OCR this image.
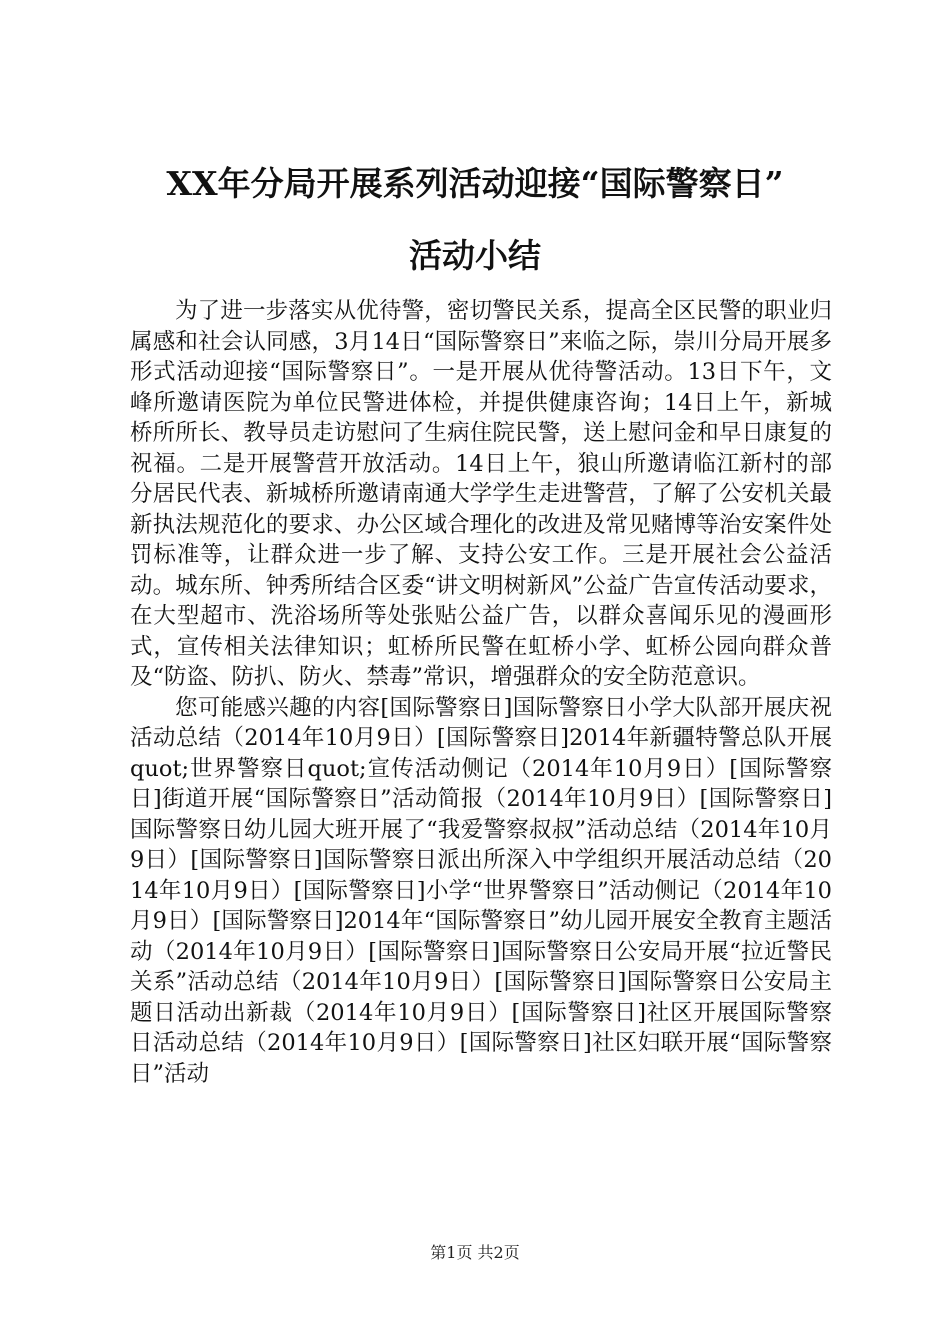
XX年分局开展系列活动迎接“国际警察日”
活动小结

为了进一步落实从优待警，密切警民关系，提高全区民警的职业归属感和社会认同感，3月14日“国际警察日”来临之际，崇川分局开展多形式活动迎接“国际警察日”。一是开展从优待警活动。13日下午，文峰所邀请医院为单位民警进体检，并提供健康咨询；14日上午，新城桥所所长、教导员走访慰问了生病住院民警，送上慰问金和早日康复的祝福。二是开展警营开放活动。14日上午，狼山所邀请临江新村的部分居民代表、新城桥所邀请南通大学学生走进警营，了解了公安机关最新执法规范化的要求、办公区域合理化的改进及常见赌博等治安案件处罚标准等，让群众进一步了解、支持公安工作。三是开展社会公益活动。城东所、钟秀所结合区委“讲文明树新风”公益广告宣传活动要求，在大型超市、洗浴场所等处张贴公益广告，以群众喜闻乐见的漫画形式，宣传相关法律知识；虹桥所民警在虹桥小学、虹桥公园向群众普及“防盗、防扒、防火、禁毒”常识，增强群众的安全防范意识。

您可能感兴趣的内容[国际警察日]国际警察日小学大队部开展庆祝活动总结（2014年10月9日）[国际警察日]2014年新疆特警总队开展quot;世界警察日quot;宣传活动侧记（2014年10月9日）[国际警察日]街道开展“国际警察日”活动简报（2014年10月9日）[国际警察日]国际警察日幼儿园大班开展了“我爱警察叔叔”活动总结（2014年10月9日）[国际警察日]国际警察日派出所深入中学组织开展活动总结（2014年10月9日）[国际警察日]小学“世界警察日”活动侧记（2014年10月9日）[国际警察日]2014年“国际警察日”幼儿园开展安全教育主题活动（2014年10月9日）[国际警察日]国际警察日公安局开展“拉近警民关系”活动总结（2014年10月9日）[国际警察日]国际警察日公安局主题日活动出新裁（2014年10月9日）[国际警察日]社区开展国际警察日活动总结（2014年10月9日）[国际警察日]社区妇联开展“国际警察日”活动

第1页 共2页
